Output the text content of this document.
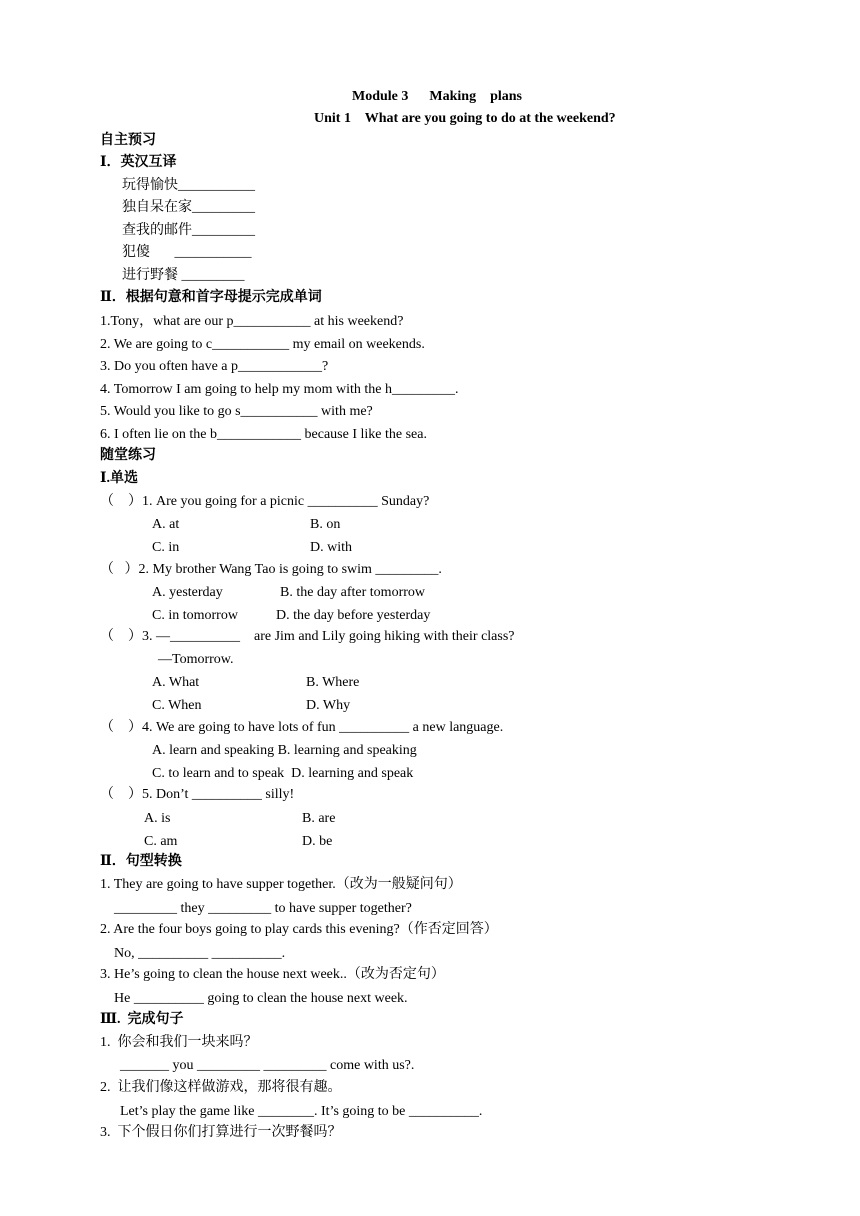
Module 3      Making    plans
Unit 1    What are you going to do at the weekend?
自主预习
Ⅰ．英汉互译
玩得愉快___________
独自呆在家_________
查我的邮件_________
犯傻       ___________
进行野餐 _________
Ⅱ．根据句意和首字母提示完成单词
1.Tony，what are our p___________ at his weekend?
2. We are going to c___________ my email on weekends.
3. Do you often have a p____________?
4. Tomorrow I am going to help my mom with the h_________.
5. Would you like to go s___________ with me?
6. I often lie on the b____________ because I like the sea.
随堂练习
Ⅰ.单选
（    ）1. Are you going for a picnic __________ Sunday?
A. at	B. on
C. in	D. with
（   ）2. My brother Wang Tao is going to swim _________.
A. yesterday	B. the day after tomorrow
C. in tomorrow	D. the day before yesterday
（    ）3. —__________    are Jim and Lily going hiking with their class?
—Tomorrow.
A. What	B. Where
C. When	D. Why
（    ）4. We are going to have lots of fun __________ a new language.
A. learn and speaking B. learning and speaking
C. to learn and to speak  D. learning and speak
（    ）5. Don’t __________ silly!
A. is	B. are
C. am	D. be
Ⅱ．句型转换
1. They are going to have supper together.（改为一般疑问句）
_________ they _________ to have supper together?
2. Are the four boys going to play cards this evening?（作否定回答）
No, __________ __________.
3. He’s going to clean the house next week..（改为否定句）
He __________ going to clean the house next week.
Ⅲ.  完成句子
1.  你会和我们一块来吗？
_______ you _________ _________ come with us?.
2.  让我们像这样做游戏，那将很有趣。
Let’s play the game like ________. It’s going to be __________.
3.  下个假日你们打算进行一次野餐吗？
